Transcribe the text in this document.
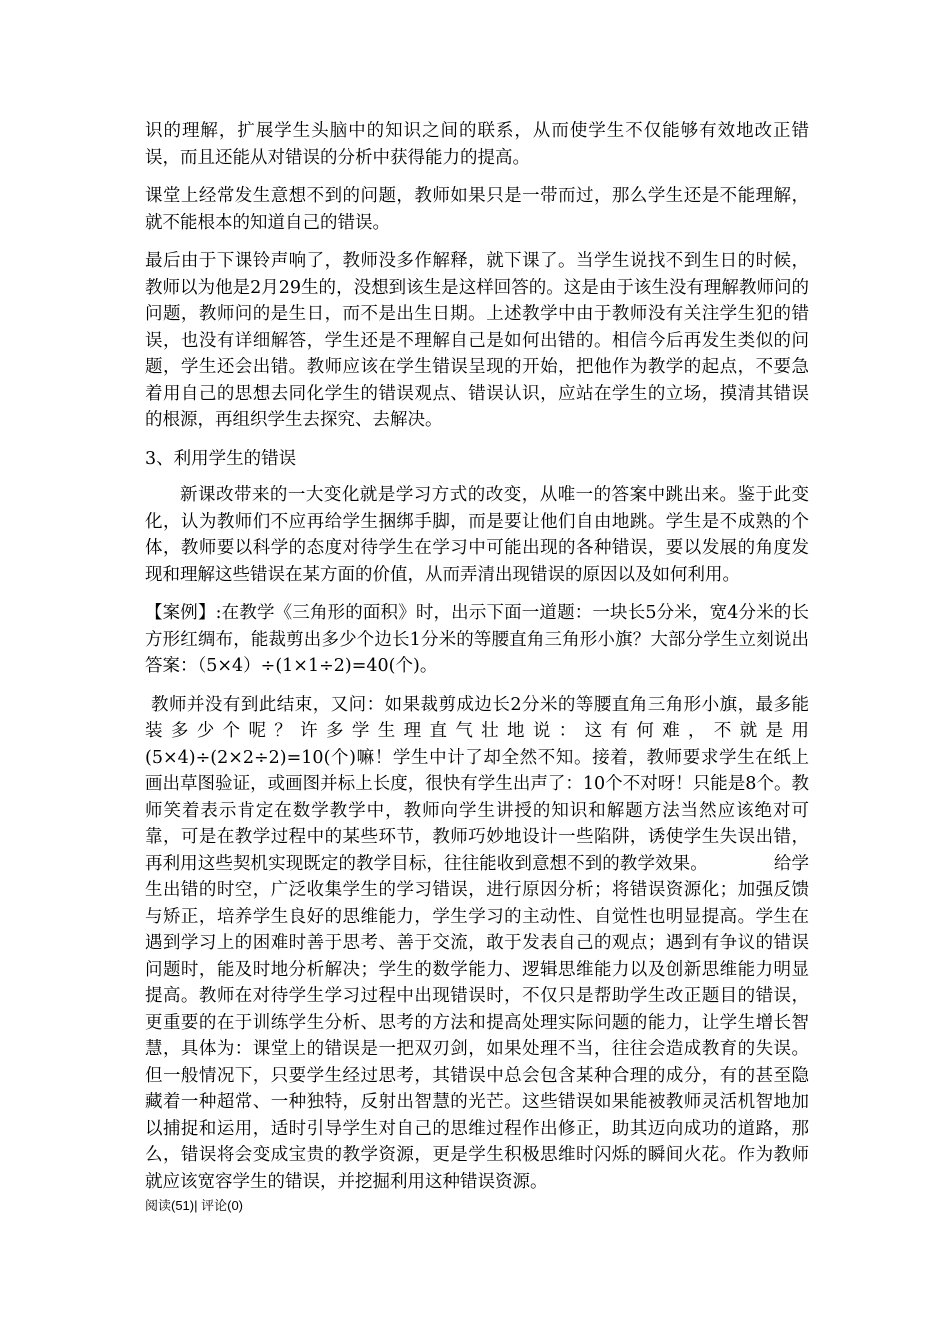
识的理解，扩展学生头脑中的知识之间的联系，从而使学生不仅能够有效地改正错误，而且还能从对错误的分析中获得能力的提高。

课堂上经常发生意想不到的问题，教师如果只是一带而过，那么学生还是不能理解，就不能根本的知道自己的错误。

最后由于下课铃声响了，教师没多作解释，就下课了。当学生说找不到生日的时候，教师以为他是2月29生的，没想到该生是这样回答的。这是由于该生没有理解教师问的问题，教师问的是生日，而不是出生日期。上述教学中由于教师没有关注学生犯的错误，也没有详细解答，学生还是不理解自己是如何出错的。相信今后再发生类似的问题，学生还会出错。教师应该在学生错误呈现的开始，把他作为教学的起点，不要急着用自己的思想去同化学生的错误观点、错误认识，应站在学生的立场，摸清其错误的根源，再组织学生去探究、去解决。

3、利用学生的错误

新课改带来的一大变化就是学习方式的改变，从唯一的答案中跳出来。鉴于此变化，认为教师们不应再给学生捆绑手脚，而是要让他们自由地跳。学生是不成熟的个体，教师要以科学的态度对待学生在学习中可能出现的各种错误，要以发展的角度发现和理解这些错误在某方面的价值，从而弄清出现错误的原因以及如何利用。

【案例】:在教学《三角形的面积》时，出示下面一道题：一块长5分米，宽4分米的长方形红绸布，能裁剪出多少个边长1分米的等腰直角三角形小旗？大部分学生立刻说出答案：（5×4）÷(1×1÷2)=40(个)。

教师并没有到此结束，又问：如果裁剪成边长2分米的等腰直角三角形小旗，最多能装多少个呢？许多学生理直气壮地说：这有何难，不就是用(5×4)÷(2×2÷2)=10(个)嘛！学生中计了却全然不知。接着，教师要求学生在纸上画出草图验证，或画图并标上长度，很快有学生出声了：10个不对呀！只能是8个。教师笑着表示肯定在数学教学中，教师向学生讲授的知识和解题方法当然应该绝对可靠，可是在教学过程中的某些环节，教师巧妙地设计一些陷阱，诱使学生失误出错，再利用这些契机实现既定的教学目标，往往能收到意想不到的教学效果。	给学生出错的时空，广泛收集学生的学习错误，进行原因分析；将错误资源化；加强反馈与矫正，培养学生良好的思维能力，学生学习的主动性、自觉性也明显提高。学生在遇到学习上的困难时善于思考、善于交流，敢于发表自己的观点；遇到有争议的错误问题时，能及时地分析解决；学生的数学能力、逻辑思维能力以及创新思维能力明显提高。教师在对待学生学习过程中出现错误时，不仅只是帮助学生改正题目的错误，更重要的在于训练学生分析、思考的方法和提高处理实际问题的能力，让学生增长智慧，具体为：课堂上的错误是一把双刃剑，如果处理不当，往往会造成教育的失误。但一般情况下，只要学生经过思考，其错误中总会包含某种合理的成分，有的甚至隐藏着一种超常、一种独特，反射出智慧的光芒。这些错误如果能被教师灵活机智地加以捕捉和运用，适时引导学生对自己的思维过程作出修正，助其迈向成功的道路，那么，错误将会变成宝贵的教学资源，更是学生积极思维时闪烁的瞬间火花。作为教师就应该宽容学生的错误，并挖掘利用这种错误资源。

阅读(51)| 评论(0)
